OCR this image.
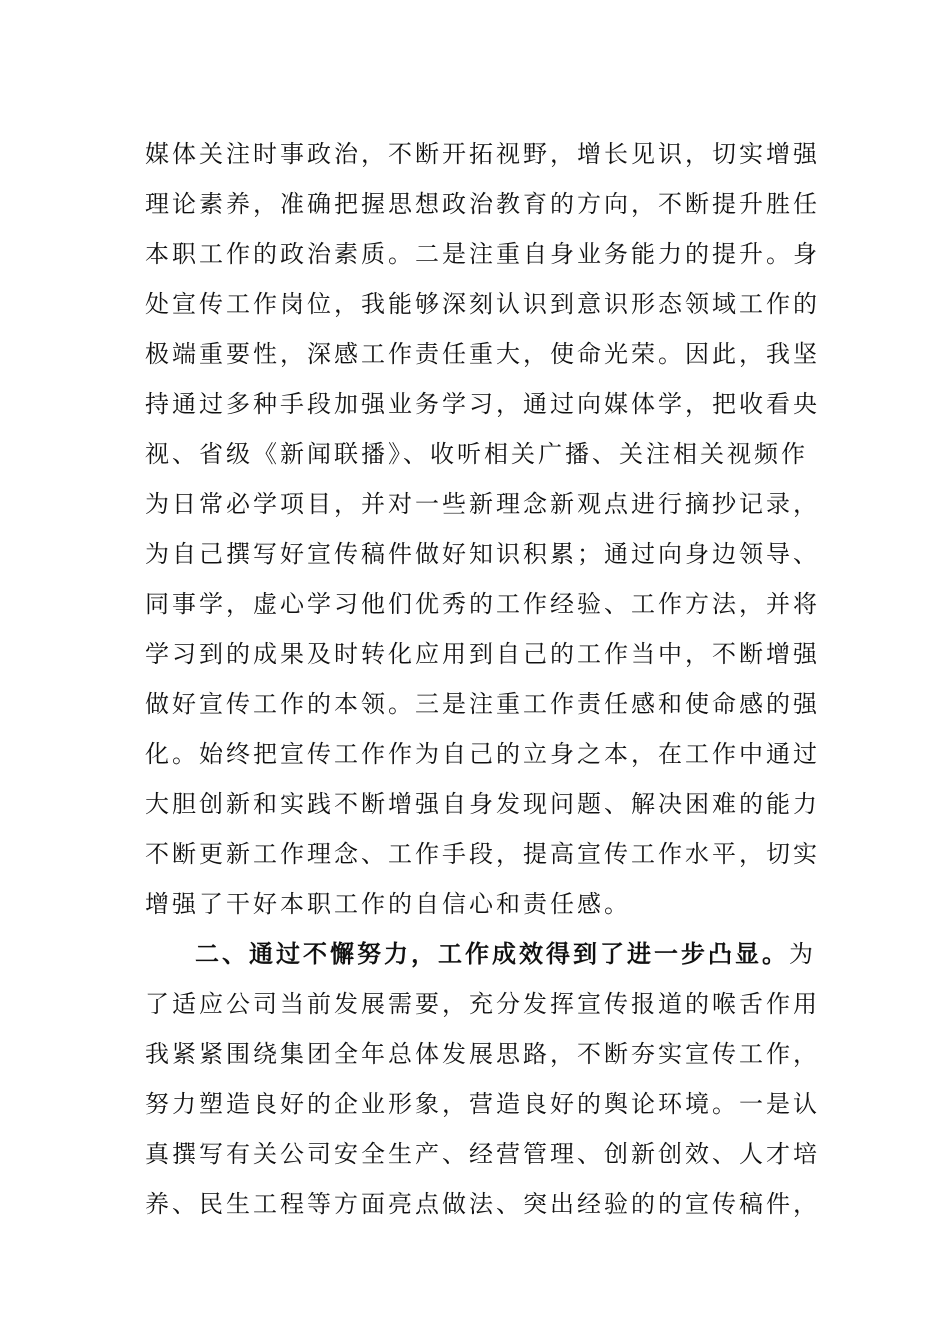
媒体关注时事政治，不断开拓视野，增长见识，切实增强
理论素养，准确把握思想政治教育的方向，不断提升胜任
本职工作的政治素质。二是注重自身业务能力的提升。身
处宣传工作岗位，我能够深刻认识到意识形态领域工作的
极端重要性，深感工作责任重大，使命光荣。因此，我坚
持通过多种手段加强业务学习，通过向媒体学，把收看央
视、省级《新闻联播》、收听相关广播、关注相关视频作
为日常必学项目，并对一些新理念新观点进行摘抄记录，
为自己撰写好宣传稿件做好知识积累；通过向身边领导、
同事学，虚心学习他们优秀的工作经验、工作方法，并将
学习到的成果及时转化应用到自己的工作当中，不断增强
做好宣传工作的本领。三是注重工作责任感和使命感的强
化。始终把宣传工作作为自己的立身之本，在工作中通过
大胆创新和实践不断增强自身发现问题、解决困难的能力
不断更新工作理念、工作手段，提高宣传工作水平，切实
增强了干好本职工作的自信心和责任感。
二、通过不懈努力，工作成效得到了进一步凸显。为
了适应公司当前发展需要，充分发挥宣传报道的喉舌作用
我紧紧围绕集团全年总体发展思路，不断夯实宣传工作，
努力塑造良好的企业形象，营造良好的舆论环境。一是认
真撰写有关公司安全生产、经营管理、创新创效、人才培
养、民生工程等方面亮点做法、突出经验的的宣传稿件，
